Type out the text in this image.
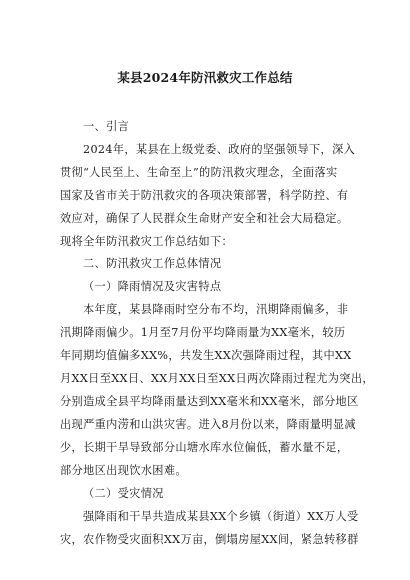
某县2024年防汛救灾工作总结
一、引言
2024年，某县在上级党委、政府的坚强领导下，深入
贯彻“人民至上、生命至上”的防汛救灾理念，全面落实
国家及省市关于防汛救灾的各项决策部署，科学防控、有
效应对，确保了人民群众生命财产安全和社会大局稳定。
现将全年防汛救灾工作总结如下：
二、防汛救灾工作总体情况
（一）降雨情况及灾害特点
本年度，某县降雨时空分布不均，汛期降雨偏多，非
汛期降雨偏少。1月至7月份平均降雨量为XX毫米，较历
年同期均值偏多XX%，共发生XX次强降雨过程，其中XX
月XX日至XX日、XX月XX日至XX日两次降雨过程尤为突出，
分别造成全县平均降雨量达到XX毫米和XX毫米，部分地区
出现严重内涝和山洪灾害。进入8月份以来，降雨量明显减
少，长期干旱导致部分山塘水库水位偏低，蓄水量不足，
部分地区出现饮水困难。
（二）受灾情况
强降雨和干旱共造成某县XX个乡镇（街道）XX万人受
灾，农作物受灾面积XX万亩，倒塌房屋XX间，紧急转移群
